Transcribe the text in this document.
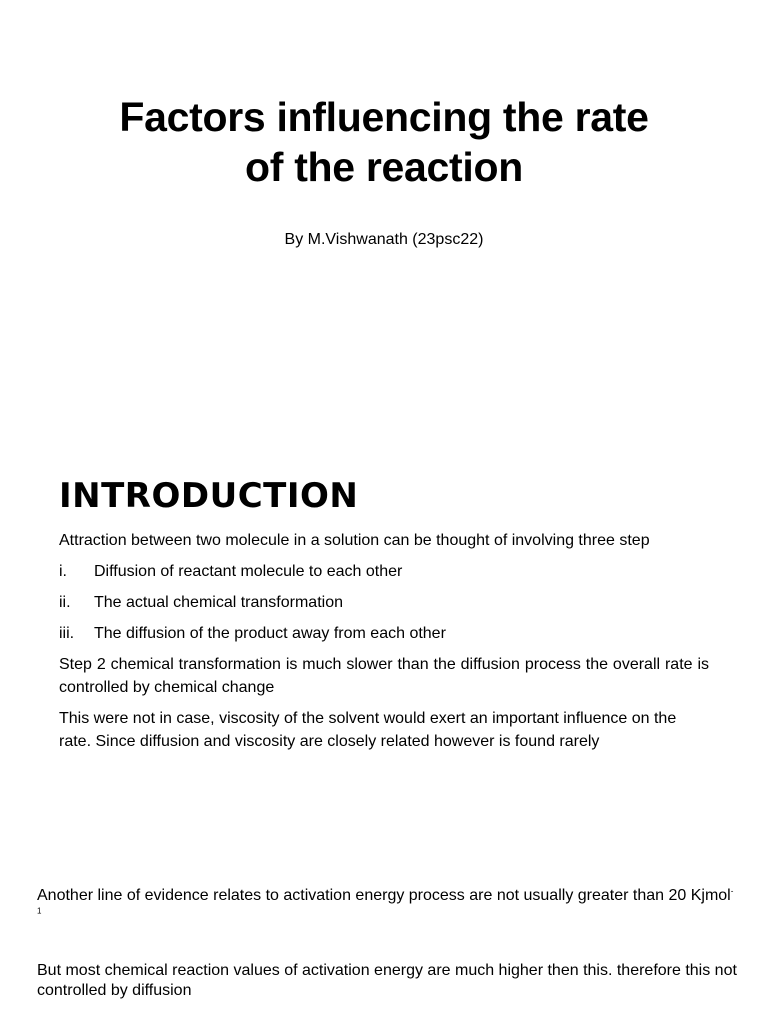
Factors influencing the rate
of the reaction
By M.Vishwanath (23psc22)
INTRODUCTION

Attraction between two molecule in a solution can be thought of involving three step

i.	Diffusion of reactant molecule to each other
ii.	The actual chemical transformation
iii.	The diffusion of the product away from each other

Step 2 chemical transformation is much slower than the diffusion process the overall rate is controlled by chemical change

This were not in case, viscosity of the solvent would exert an important influence on the rate. Since diffusion and viscosity are closely related however is found rarely

Another line of evidence relates to activation energy process are not usually greater than 20 Kjmol$^{-1}$
But most chemical reaction values of activation energy are much higher then this. therefore this not controlled by diffusion
